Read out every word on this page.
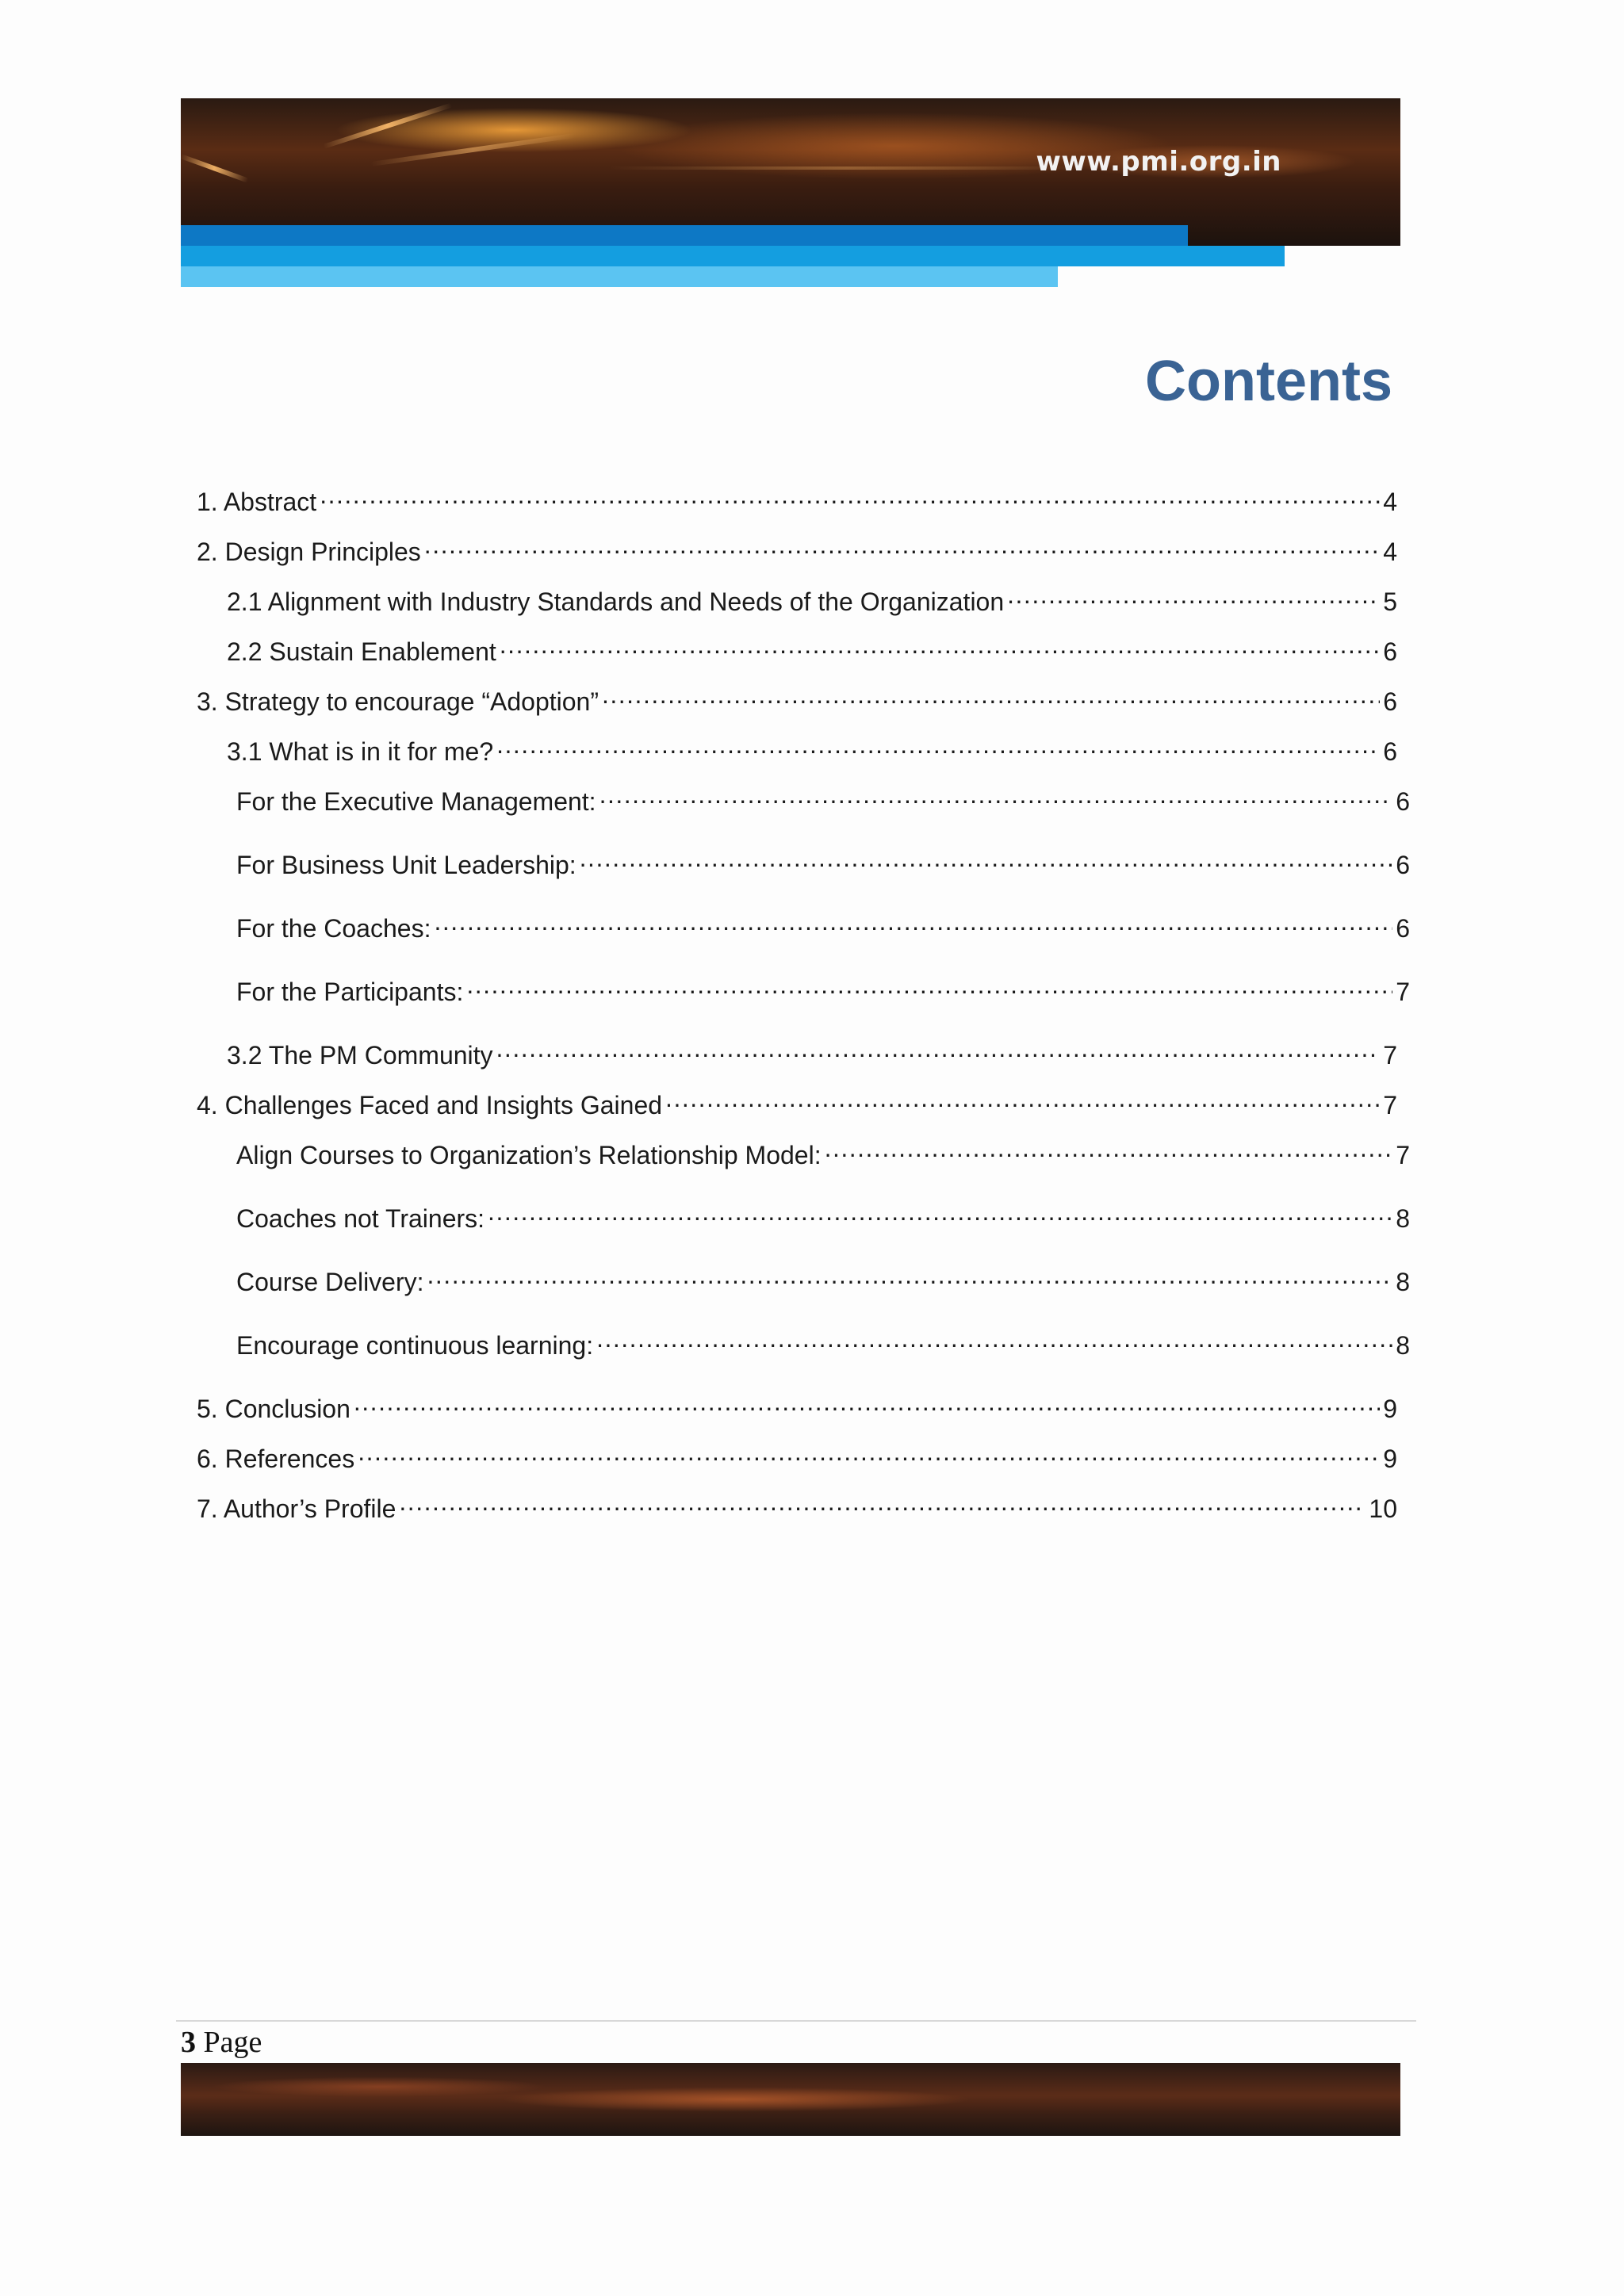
www.pmi.org.in
Contents
1. Abstract .....	4
2. Design Principles .....	4
2.1 Alignment with Industry Standards and Needs of the Organization .....	5
2.2 Sustain Enablement .....	6
3. Strategy to encourage “Adoption” .....	6
3.1 What is in it for me? .....	6
For the Executive Management: .....	6
For Business Unit Leadership: .....	6
For the Coaches: .....	6
For the Participants: .....	7
3.2 The PM Community .....	7
4. Challenges Faced and Insights Gained .....	7
Align Courses to Organization’s Relationship Model: .....	7
Coaches not Trainers: .....	8
Course Delivery: .....	8
Encourage continuous learning: .....	8
5. Conclusion .....	9
6. References .....	9
7. Author’s Profile .....	10
3 Page
